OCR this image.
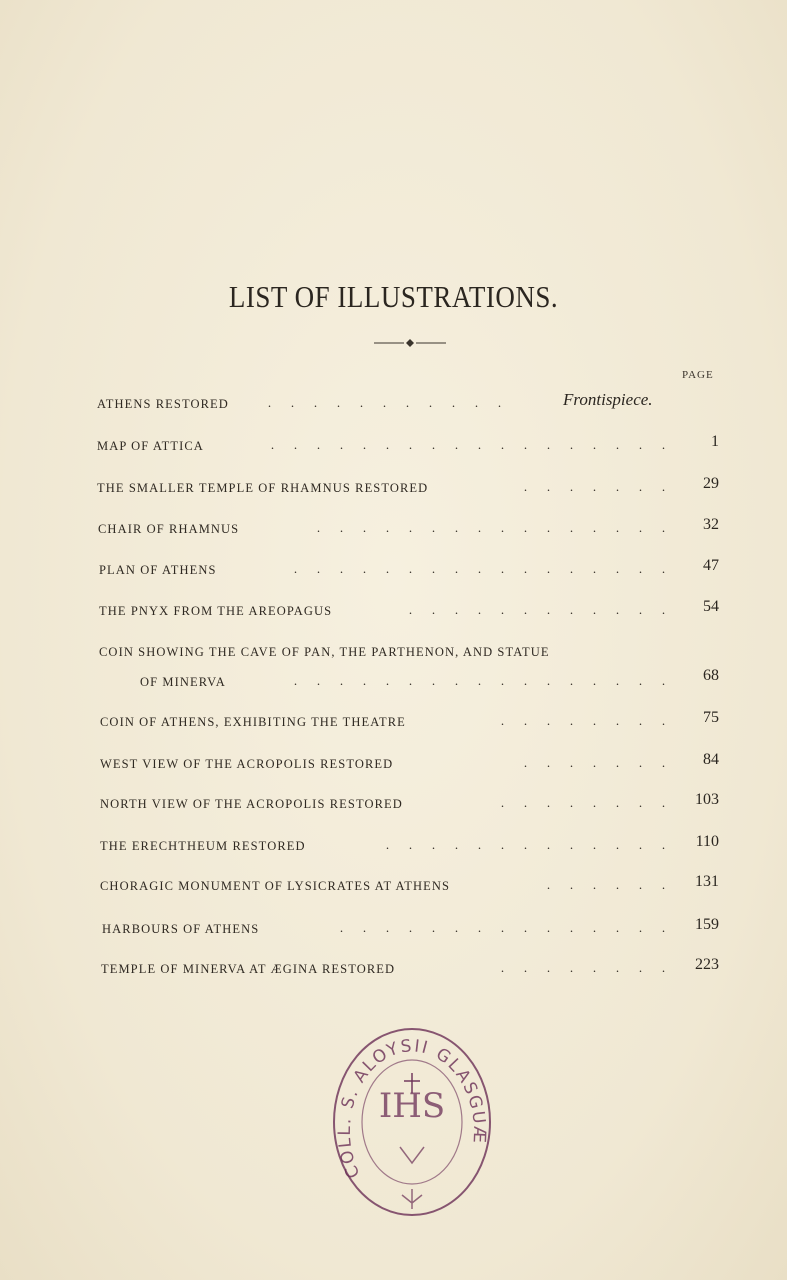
LIST OF ILLUSTRATIONS.
PAGE
ATHENS RESTORED	. . . . . . . . . . .	Frontispiece.
MAP OF ATTICA	. . . . . . . . . . . . . . . . . .	1
THE SMALLER TEMPLE OF RHAMNUS RESTORED	. . . . . . .	29
CHAIR OF RHAMNUS	. . . . . . . . . . . . . . . .	32
PLAN OF ATHENS	. . . . . . . . . . . . . . . . .	47
THE PNYX FROM THE AREOPAGUS	. . . . . . . . . . . .	54
COIN SHOWING THE CAVE OF PAN, THE PARTHENON, AND STATUE
OF MINERVA	. . . . . . . . . . . . . . . . .	68
COIN OF ATHENS, EXHIBITING THE THEATRE	. . . . . . . .	75
WEST VIEW OF THE ACROPOLIS RESTORED	. . . . . . .	84
NORTH VIEW OF THE ACROPOLIS RESTORED	. . . . . . . .	103
THE ERECHTHEUM RESTORED	. . . . . . . . . . . . .	110
CHORAGIC MONUMENT OF LYSICRATES AT ATHENS	. . . . . .	131
HARBOURS OF ATHENS	. . . . . . . . . . . . . . .	159
TEMPLE OF MINERVA AT ÆGINA RESTORED	. . . . . . . .	223
COLL. S. ALOYSII GLASGUÆ
IHS
